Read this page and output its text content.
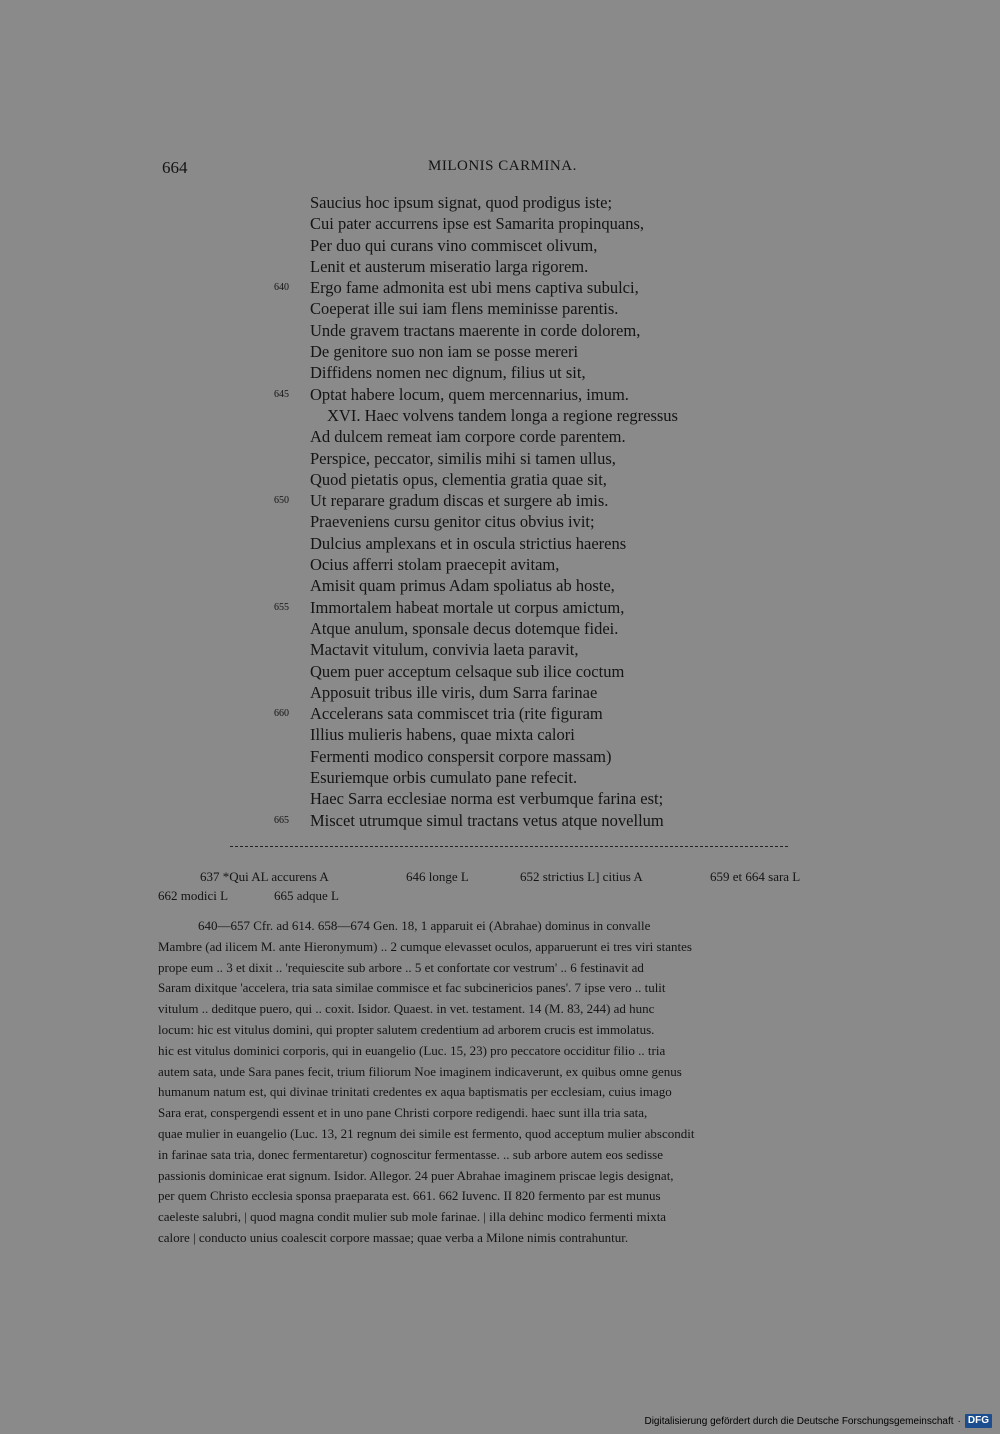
664	MILONIS CARMINA.
Saucius hoc ipsum signat, quod prodigus iste;
Cui pater accurrens ipse est Samarita propinquans,
Per duo qui curans vino commiscet olivum,
Lenit et austerum miseratio larga rigorem.
640 Ergo fame admonita est ubi mens captiva subulci,
Coeperat ille sui iam flens meminisse parentis.
Unde gravem tractans maerente in corde dolorem,
De genitore suo non iam se posse mereri
Diffidens nomen nec dignum, filius ut sit,
645 Optat habere locum, quem mercennarius, imum.
XVI. Haec volvens tandem longa a regione regressus
Ad dulcem remeat iam corpore corde parentem.
Perspice, peccator, similis mihi si tamen ullus,
Quod pietatis opus, clementia gratia quae sit,
650 Ut reparare gradum discas et surgere ab imis.
Praeveniens cursu genitor citus obvius ivit;
Dulcius amplexans et in oscula strictius haerens
Ocius afferri stolam praecepit avitam,
Amisit quam primus Adam spoliatus ab hoste,
655 Immortalem habeat mortale ut corpus amictum,
Atque anulum, sponsale decus dotemque fidei.
Mactavit vitulum, convivia laeta paravit,
Quem puer acceptum celsaque sub ilice coctum
Apposuit tribus ille viris, dum Sarra farinae
660 Accelerans sata commiscet tria (rite figuram
Illius mulieris habens, quae mixta calori
Fermenti modico conspersit corpore massam)
Esuriemque orbis cumulato pane refecit.
Haec Sarra ecclesiae norma est verbumque farina est;
665 Miscet utrumque simul tractans vetus atque novellum
637 *Qui AL accurens A	646 longe L	652 strictius L] citius A	659 et 664 sara L
662 modici L	665 adque L
640—657 Cfr. ad 614. 658—674 Gen. 18, 1 apparuit ei (Abrahae) dominus in convalle
Mambre (ad ilicem M. ante Hieronymum) .. 2 cumque elevasset oculos, apparuerunt ei tres viri stantes
prope eum .. 3 et dixit .. 'requiescite sub arbore .. 5 et confortate cor vestrum' .. 6 festinavit ad
Saram dixitque 'accelera, tria sata similae commisce et fac subcinericios panes'. 7 ipse vero .. tulit
vitulum .. deditque puero, qui .. coxit. Isidor. Quaest. in vet. testament. 14 (M. 83, 244) ad hunc
locum: hic est vitulus domini, qui propter salutem credentium ad arborem crucis est immolatus.
hic est vitulus dominici corporis, qui in euangelio (Luc. 15, 23) pro peccatore occiditur filio .. tria
autem sata, unde Sara panes fecit, trium filiorum Noe imaginem indicaverunt, ex quibus omne genus
humanum natum est, qui divinae trinitati credentes ex aqua baptismatis per ecclesiam, cuius imago
Sara erat, conspergendi essent et in uno pane Christi corpore redigendi. haec sunt illa tria sata,
quae mulier in euangelio (Luc. 13, 21 regnum dei simile est fermento, quod acceptum mulier abscondit
in farinae sata tria, donec fermentaretur) cognoscitur fermentasse. .. sub arbore autem eos sedisse
passionis dominicae erat signum. Isidor. Allegor. 24 puer Abrahae imaginem priscae legis designat,
per quem Christo ecclesia sponsa praeparata est. 661. 662 Iuvenc. II 820 fermento par est munus
caeleste salubri, | quod magna condit mulier sub mole farinae. | illa dehinc modico fermenti mixta
calore | conducto unius coalescit corpore massae; quae verba a Milone nimis contrahuntur.
Digitalisierung gefördert durch die Deutsche Forschungsgemeinschaft · DFG
